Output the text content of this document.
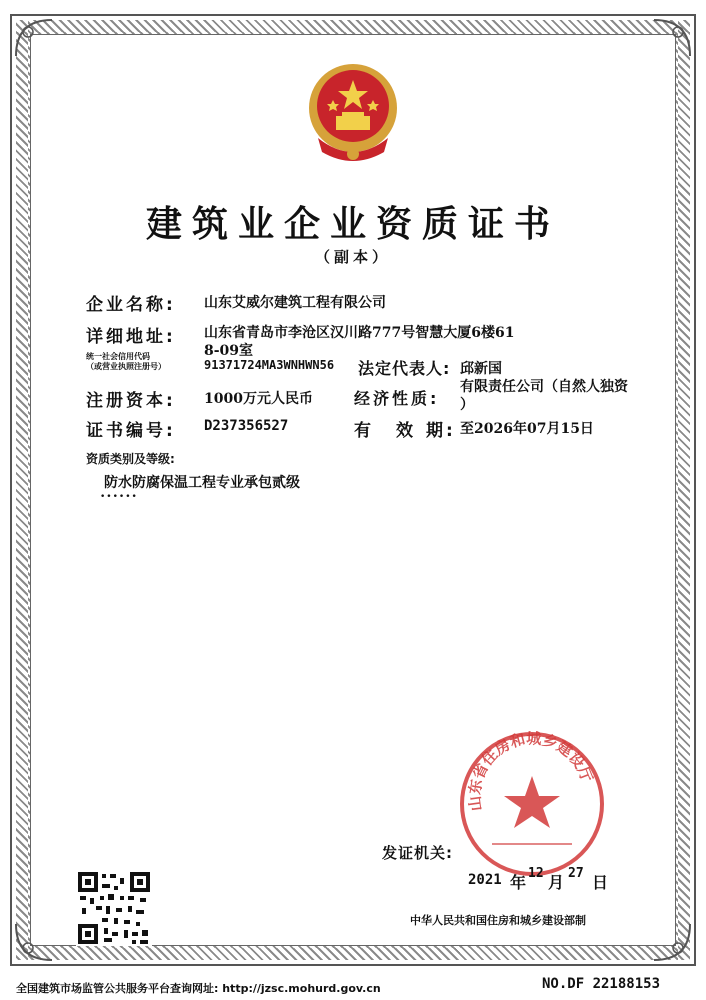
建筑业企业资质证书
（副本）
企业名称: 山东艾威尔建筑工程有限公司
详细地址: 山东省青岛市李沧区汉川路777号智慧大厦6楼61
8-09室
统一社会信用代码
（或营业执照注册号）	91371724MA3WNHWN56 法定代表人: 邱新国
注册资本: 1000万元人民币	经济性质:
有限责任公司（自然人独资
）
证书编号: D237356527	有 效 期: 至2026年07月15日
资质类别及等级:
防水防腐保温工程专业承包贰级
••••••
山东省住房和城乡建设厅
发证机关:
2021 年 12 月 27 日
中华人民共和国住房和城乡建设部制
全国建筑市场监管公共服务平台查询网址: http://jzsc.mohurd.gov.cn	NO.DF 22188153
